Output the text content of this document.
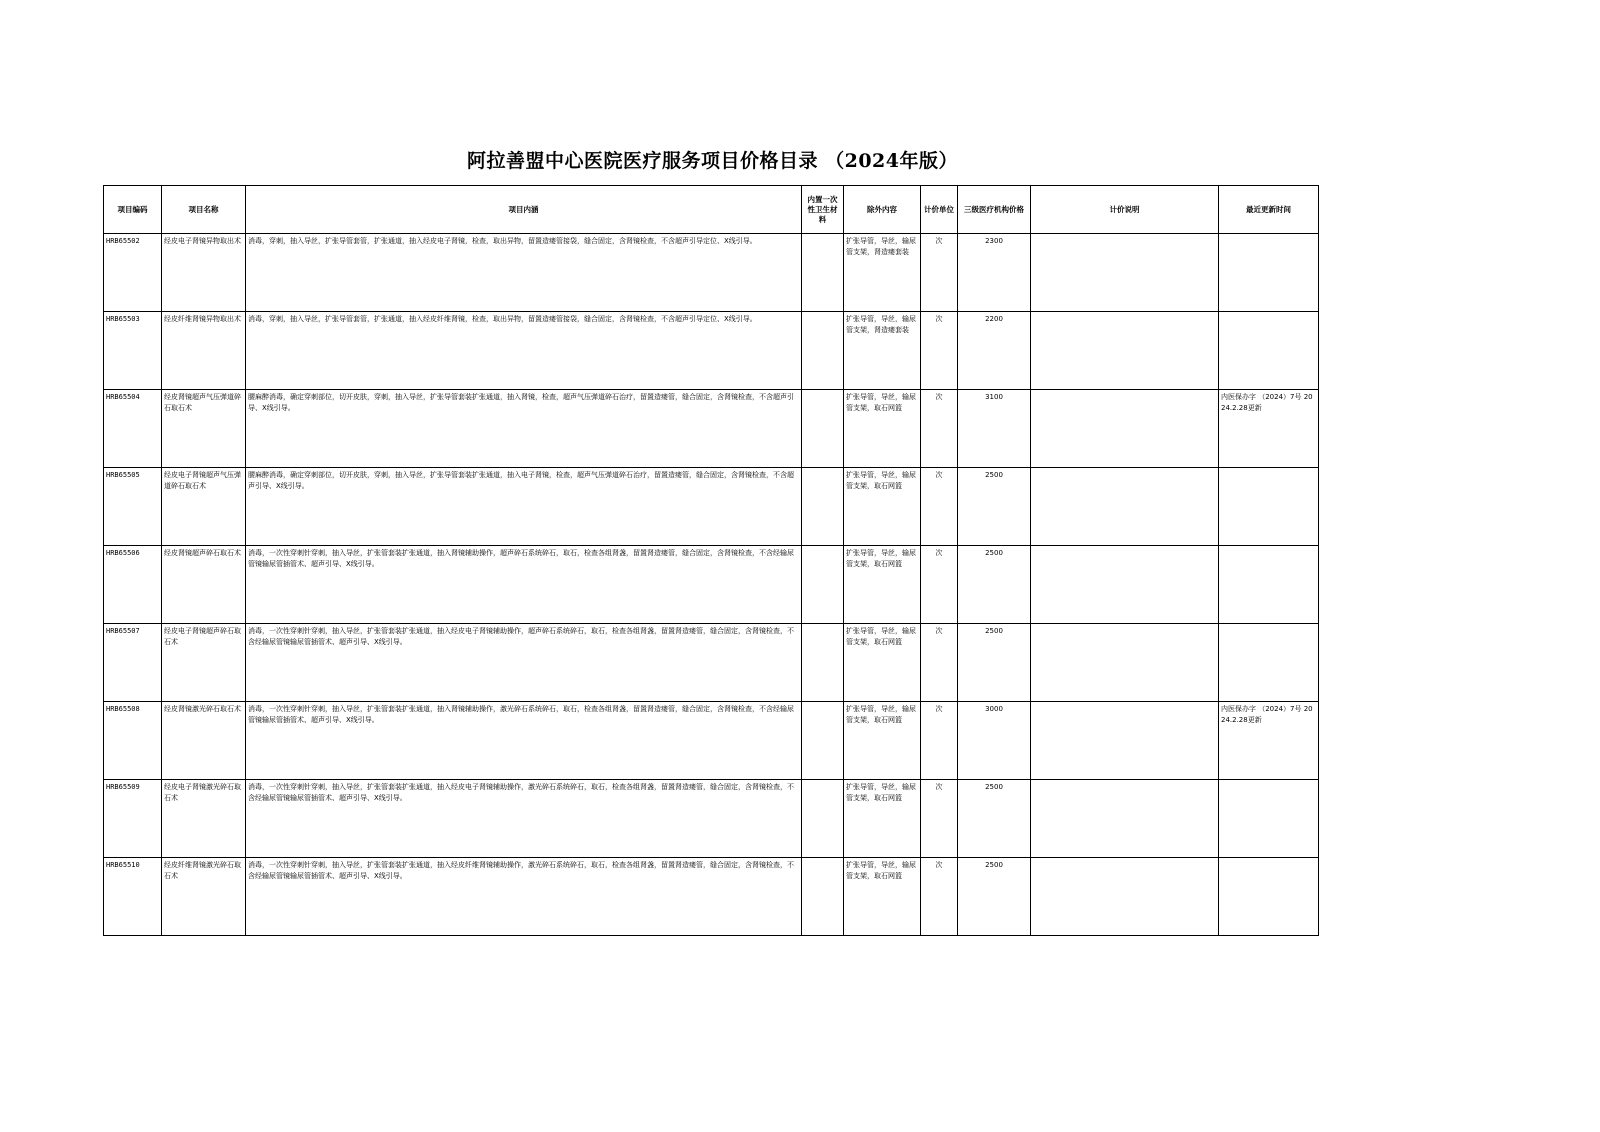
阿拉善盟中心医院医疗服务项目价格目录 （2024年版）
项目编码	项目名称	项目内涵	内置一次性卫生材料	除外内容	计价单位	三级医疗机构价格	计价说明	最近更新时间
HRB65502	经皮电子肾镜异物取出术	消毒，穿刺，抽入导丝，扩张导管套管，扩张通道，抽入经皮电子肾镜，检查，取出异物，留置造瘘管接袋，缝合固定，含肾镜检查，不含超声引导定位、X线引导。		扩张导管，导丝，输尿管支架，肾造瘘套装	次	2300		
HRB65503	经皮纤维肾镜异物取出术	消毒，穿刺，抽入导丝，扩张导管套管，扩张通道，抽入经皮纤维肾镜，检查，取出异物，留置造瘘管接袋，缝合固定，含肾镜检查，不含超声引导定位、X线引导。		扩张导管，导丝，输尿管支架，肾造瘘套装	次	2200		
HRB65504	经皮肾镜超声气压弹道碎石取石术	腰麻醉消毒，确定穿刺部位，切开皮肤，穿刺，抽入导丝，扩张导管套装扩张通道，抽入肾镜，检查，超声气压弹道碎石治疗，留置造瘘管，缝合固定，含肾镜检查，不含超声引导、X线引导。		扩张导管，导丝，输尿管支架，取石网篮	次	3100		内医保办字 （2024）7号 2024.2.28更新
HRB65505	经皮电子肾镜超声气压弹道碎石取石术	腰麻醉消毒，确定穿刺部位，切开皮肤，穿刺，抽入导丝，扩张导管套装扩张通道，抽入电子肾镜，检查，超声气压弹道碎石治疗，留置造瘘管，缝合固定，含肾镜检查，不含超声引导、X线引导。		扩张导管，导丝，输尿管支架，取石网篮	次	2500		
HRB65506	经皮肾镜超声碎石取石术	消毒，一次性穿刺针穿刺，抽入导丝，扩张管套装扩张通道，抽入肾镜辅助操作，超声碎石系统碎石，取石，检查各组肾盏，留置肾造瘘管，缝合固定，含肾镜检查，不含经输尿管镜输尿管插管术、超声引导、X线引导。		扩张导管，导丝，输尿管支架，取石网篮	次	2500		
HRB65507	经皮电子肾镜超声碎石取石术	消毒，一次性穿刺针穿刺，抽入导丝，扩张管套装扩张通道，抽入经皮电子肾镜辅助操作，超声碎石系统碎石，取石，检查各组肾盏，留置肾造瘘管，缝合固定，含肾镜检查，不含经输尿管镜输尿管插管术、超声引导、X线引导。		扩张导管，导丝，输尿管支架，取石网篮	次	2500		
HRB65508	经皮肾镜激光碎石取石术	消毒，一次性穿刺针穿刺，抽入导丝，扩张管套装扩张通道，抽入肾镜辅助操作，激光碎石系统碎石，取石，检查各组肾盏，留置肾造瘘管，缝合固定，含肾镜检查，不含经输尿管镜输尿管插管术、超声引导、X线引导。		扩张导管，导丝，输尿管支架，取石网篮	次	3000		内医保办字 （2024）7号 2024.2.28更新
HRB65509	经皮电子肾镜激光碎石取石术	消毒，一次性穿刺针穿刺，抽入导丝，扩张管套装扩张通道，抽入经皮电子肾镜辅助操作，激光碎石系统碎石，取石，检查各组肾盏，留置肾造瘘管，缝合固定，含肾镜检查，不含经输尿管镜输尿管插管术、超声引导、X线引导。		扩张导管，导丝，输尿管支架，取石网篮	次	2500		
HRB65510	经皮纤维肾镜激光碎石取石术	消毒，一次性穿刺针穿刺，抽入导丝，扩张管套装扩张通道，抽入经皮纤维肾镜辅助操作，激光碎石系统碎石，取石，检查各组肾盏，留置肾造瘘管，缝合固定，含肾镜检查，不含经输尿管镜输尿管插管术、超声引导、X线引导。		扩张导管，导丝，输尿管支架，取石网篮	次	2500		
